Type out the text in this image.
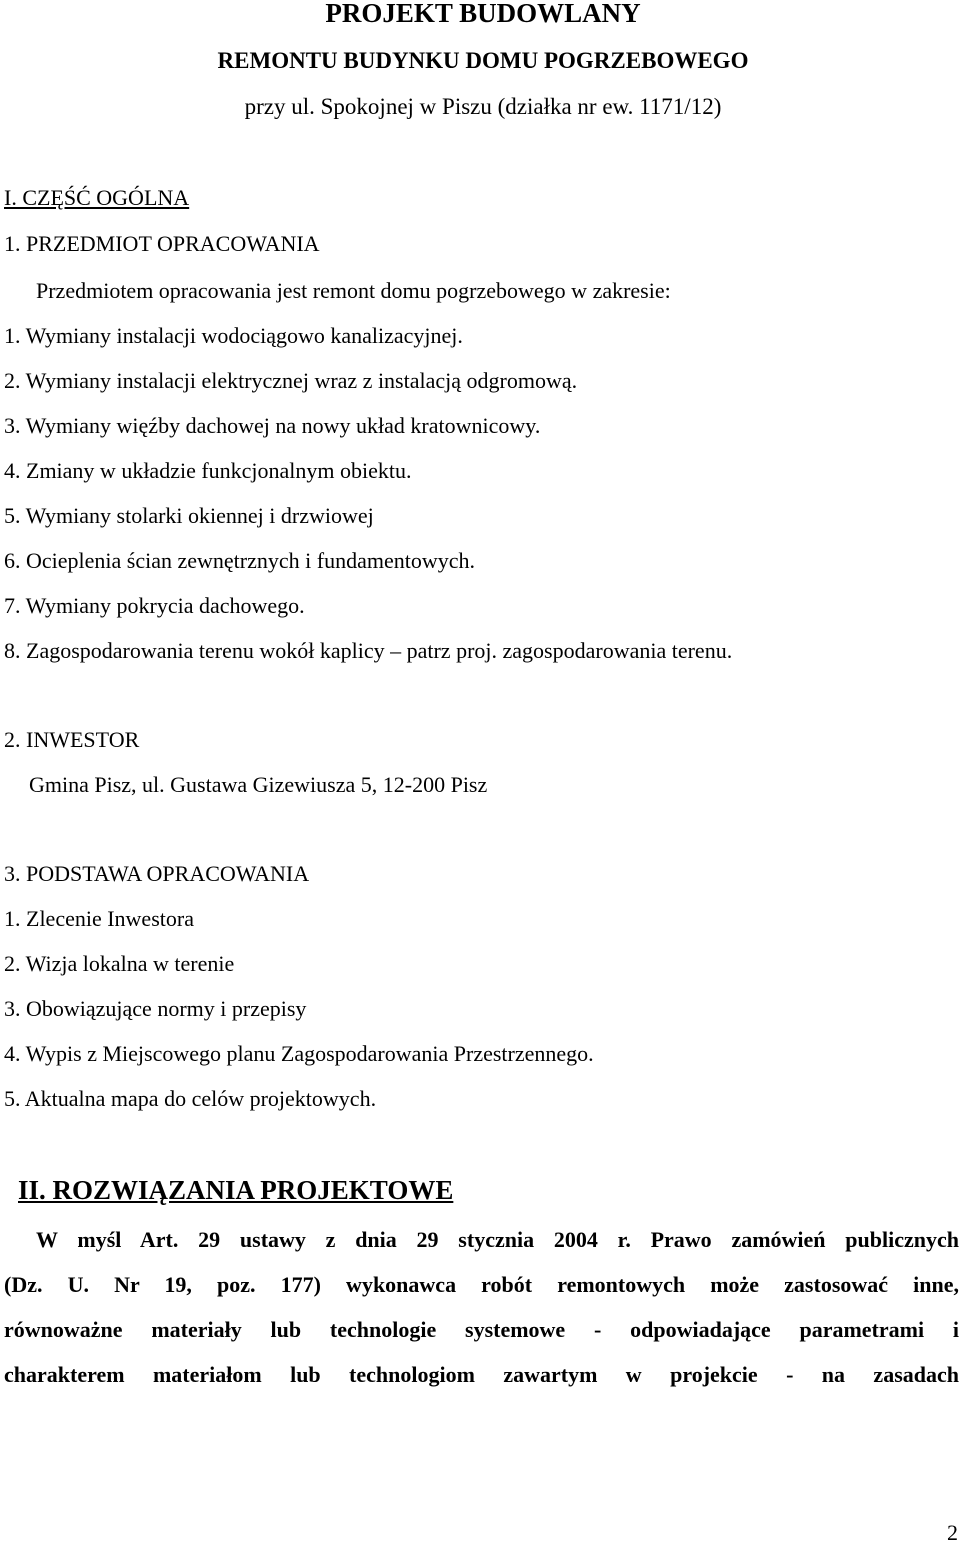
PROJEKT BUDOWLANY
REMONTU BUDYNKU DOMU POGRZEBOWEGO
przy ul. Spokojnej w Piszu (działka nr ew. 1171/12)
I. CZĘŚĆ OGÓLNA
1. PRZEDMIOT OPRACOWANIA
Przedmiotem opracowania jest remont domu pogrzebowego w zakresie:
1. Wymiany instalacji wodociągowo kanalizacyjnej.
2. Wymiany instalacji elektrycznej wraz z instalacją odgromową.
3. Wymiany więźby dachowej na nowy układ kratownicowy.
4. Zmiany w układzie funkcjonalnym obiektu.
5. Wymiany stolarki okiennej i drzwiowej
6. Ocieplenia ścian zewnętrznych i fundamentowych.
7. Wymiany pokrycia dachowego.
8. Zagospodarowania terenu wokół kaplicy – patrz proj. zagospodarowania terenu.
2. INWESTOR
Gmina Pisz, ul. Gustawa Gizewiusza 5, 12-200 Pisz
3. PODSTAWA OPRACOWANIA
1. Zlecenie Inwestora
2. Wizja lokalna w terenie
3. Obowiązujące normy i przepisy
4. Wypis z Miejscowego planu Zagospodarowania Przestrzennego.
5. Aktualna mapa do celów projektowych.
II. ROZWIĄZANIA PROJEKTOWE
W myśl Art. 29 ustawy z dnia 29 stycznia 2004 r. Prawo zamówień publicznych
(Dz. U. Nr 19, poz. 177) wykonawca robót remontowych może zastosować inne,
równoważne materiały lub technologie systemowe - odpowiadające parametrami i
charakterem materiałom lub technologiom zawartym w projekcie - na zasadach
2
